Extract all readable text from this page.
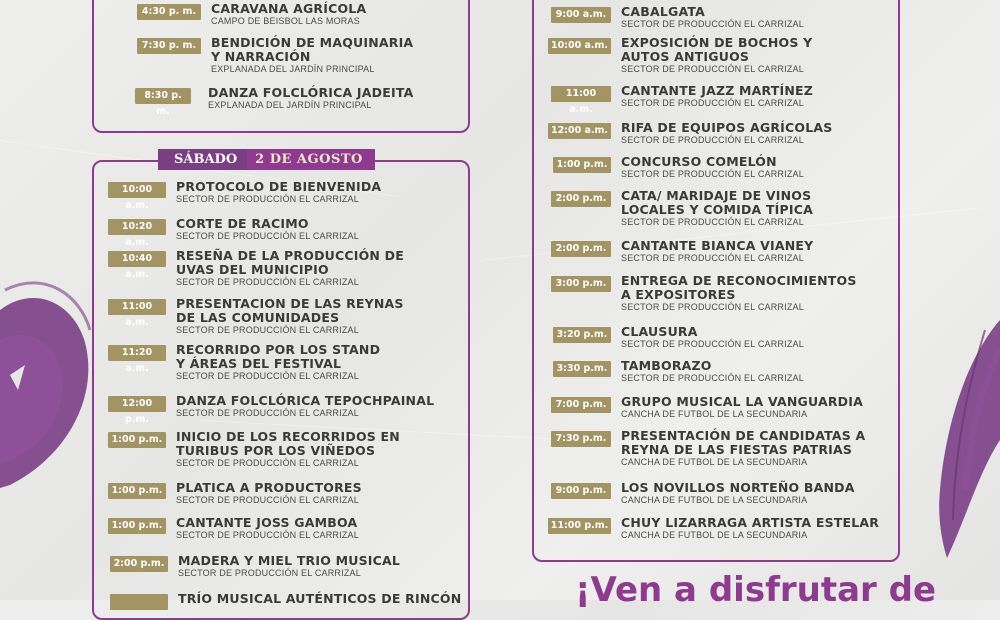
SÁBADO	2 DE AGOSTO
4:30 p. m.	CARAVANA AGRÍCOLA
CAMPO DE BEISBOL LAS MORAS
7:30 p. m.	BENDICIÓN DE MAQUINARIA
Y NARRACIÓN
EXPLANADA DEL JARDÍN PRINCIPAL
8:30 p. m.
DANZA FOLCLÓRICA JADEITA
EXPLANADA DEL JARDÍN PRINCIPAL
10:00 a.m.
PROTOCOLO DE BIENVENIDA
SECTOR DE PRODUCCIÓN EL CARRIZAL
10:20 a.m.
CORTE DE RACIMO
SECTOR DE PRODUCCIÓN EL CARRIZAL
10:40 a.m.
RESEÑA DE LA PRODUCCIÓN DE
UVAS DEL MUNICIPIO
SECTOR DE PRODUCCIÓN EL CARRIZAL
11:00 a.m.
PRESENTACION DE LAS REYNAS
DE LAS COMUNIDADES
SECTOR DE PRODUCCIÓN EL CARRIZAL
11:20 a.m.
RECORRIDO POR LOS STAND
Y ÁREAS DEL FESTIVAL
SECTOR DE PRODUCCIÓN EL CARRIZAL
12:00 p.m.
DANZA FOLCLÓRICA TEPOCHPAINAL
SECTOR DE PRODUCCIÓN EL CARRIZAL
1:00 p.m. INICIO DE LOS RECORRIDOS EN
TURIBUS POR LOS VIÑEDOS
SECTOR DE PRODUCCIÓN EL CARRIZAL
1:00 p.m. PLATICA A PRODUCTORES
SECTOR DE PRODUCCIÓN EL CARRIZAL
1:00 p.m. CANTANTE JOSS GAMBOA
SECTOR DE PRODUCCIÓN EL CARRIZAL
2:00 p.m. MADERA Y MIEL TRIO MUSICAL
SECTOR DE PRODUCCIÓN EL CARRIZAL
TRÍO MUSICAL AUTÉNTICOS DE RINCÓN
9:00 a.m.	CABALGATA
SECTOR DE PRODUCCIÓN EL CARRIZAL
10:00 a.m. EXPOSICIÓN DE BOCHOS Y
AUTOS ANTIGUOS
SECTOR DE PRODUCCIÓN EL CARRIZAL
11:00 a.m.
CANTANTE JAZZ MARTÍNEZ
SECTOR DE PRODUCCIÓN EL CARRIZAL
12:00 a.m. RIFA DE EQUIPOS AGRÍCOLAS
SECTOR DE PRODUCCIÓN EL CARRIZAL
1:00 p.m. CONCURSO COMELÓN
SECTOR DE PRODUCCIÓN EL CARRIZAL
2:00 p.m.	CATA/ MARIDAJE DE VINOS
LOCALES Y COMIDA TÍPICA
SECTOR DE PRODUCCIÓN EL CARRIZAL
2:00 p.m.	CANTANTE BIANCA VIANEY
SECTOR DE PRODUCCIÓN EL CARRIZAL
3:00 p.m.	ENTREGA DE RECONOCIMIENTOS
A EXPOSITORES
SECTOR DE PRODUCCIÓN EL CARRIZAL
3:20 p.m. CLAUSURA
SECTOR DE PRODUCCIÓN EL CARRIZAL
3:30 p.m. TAMBORAZO
SECTOR DE PRODUCCIÓN EL CARRIZAL
7:00 p.m.	GRUPO MUSICAL LA VANGUARDIA
CANCHA DE FUTBOL DE LA SECUNDARIA
7:30 p.m.	PRESENTACIÓN DE CANDIDATAS A
REYNA DE LAS FIESTAS PATRIAS
CANCHA DE FUTBOL DE LA SECUNDARIA
9:00 p.m.	LOS NOVILLOS NORTEÑO BANDA
CANCHA DE FUTBOL DE LA SECUNDARIA
11:00 p.m. CHUY LIZARRAGA ARTISTA ESTELAR
CANCHA DE FUTBOL DE LA SECUNDARIA
¡Ven a disfrutar de
